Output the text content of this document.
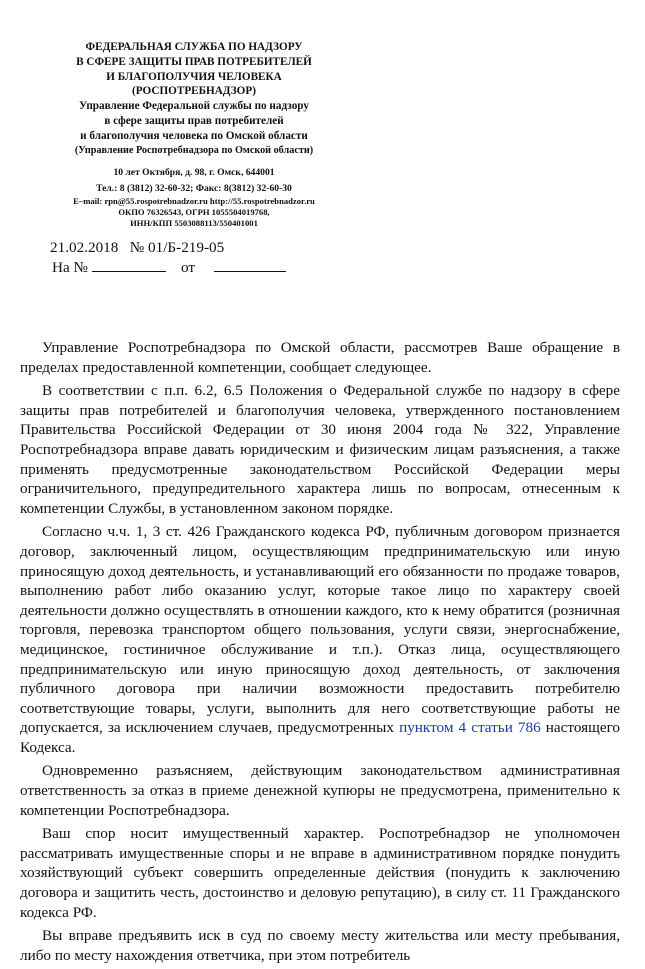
ФЕДЕРАЛЬНАЯ СЛУЖБА ПО НАДЗОРУ
В СФЕРЕ ЗАЩИТЫ ПРАВ ПОТРЕБИТЕЛЕЙ
И БЛАГОПОЛУЧИЯ ЧЕЛОВЕКА
(РОСПОТРЕБНАДЗОР)
Управление Федеральной службы по надзору
в сфере защиты прав потребителей
и благополучия человека по Омской области
(Управление Роспотребнадзора по Омской области)
10 лет Октября, д. 98, г. Омск, 644001
Тел.: 8 (3812) 32-60-32; Факс: 8(3812) 32-60-30
E–mail: rpn@55.rospotrebnadzor.ru http://55.rospotrebnadzor.ru
ОКПО 76326543, ОГРН 1055504019768,
ИНН/КПП 5503088113/550401001
21.02.2018   № 01/Б-219-05
На №	от

Управление Роспотребнадзора по Омской области, рассмотрев Ваше обращение в пределах предоставленной компетенции, сообщает следующее.

В соответствии с п.п. 6.2, 6.5 Положения о Федеральной службе по надзору в сфере защиты прав потребителей и благополучия человека, утвержденного постановлением Правительства Российской Федерации от 30 июня 2004 года № 322, Управление Роспотребнадзора вправе давать юридическим и физическим лицам разъяснения, а также применять предусмотренные законодательством Российской Федерации меры ограничительного, предупредительного характера лишь по вопросам, отнесенным к компетенции Службы, в установленном законом порядке.

Согласно ч.ч. 1, 3 ст. 426 Гражданского кодекса РФ, публичным договором признается договор, заключенный лицом, осуществляющим предпринимательскую или иную приносящую доход деятельность, и устанавливающий его обязанности по продаже товаров, выполнению работ либо оказанию услуг, которые такое лицо по характеру своей деятельности должно осуществлять в отношении каждого, кто к нему обратится (розничная торговля, перевозка транспортом общего пользования, услуги связи, энергоснабжение, медицинское, гостиничное обслуживание и т.п.). Отказ лица, осуществляющего предпринимательскую или иную приносящую доход деятельность, от заключения публичного договора при наличии возможности предоставить потребителю соответствующие товары, услуги, выполнить для него соответствующие работы не допускается, за исключением случаев, предусмотренных пунктом 4 статьи 786 настоящего Кодекса.

Одновременно разъясняем, действующим законодательством административная ответственность за отказ в приеме денежной купюры не предусмотрена, применительно к компетенции Роспотребнадзора.

Ваш спор носит имущественный характер. Роспотребнадзор не уполномочен рассматривать имущественные споры и не вправе в административном порядке понудить хозяйствующий субъект совершить определенные действия (понудить к заключению договора и защитить честь, достоинство и деловую репутацию), в силу ст. 11 Гражданского кодекса РФ.

Вы вправе предъявить иск в суд по своему месту жительства или месту пребывания, либо по месту нахождения ответчика, при этом потребитель
